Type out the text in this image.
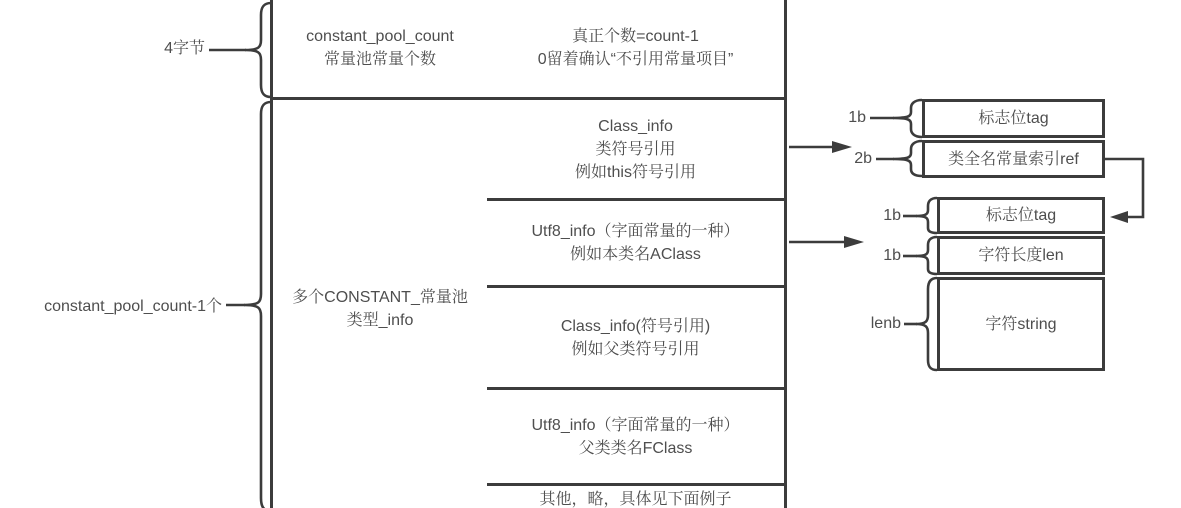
4字节
constant_pool_count-1个
constant_pool_count
常量池常量个数
多个CONSTANT_常量池
类型_info
真正个数=count-1
0留着确认“不引用常量项目”
Class_info
类符号引用
例如this符号引用
Utf8_info（字面常量的一种）
例如本类名AClass
Class_info(符号引用)
例如父类符号引用
Utf8_info（字面常量的一种）
父类类名FClass
其他，略，具体见下面例子
1b	标志位tag
2b	类全名常量索引ref
1b	标志位tag
1b	字符长度len
lenb	字符string
